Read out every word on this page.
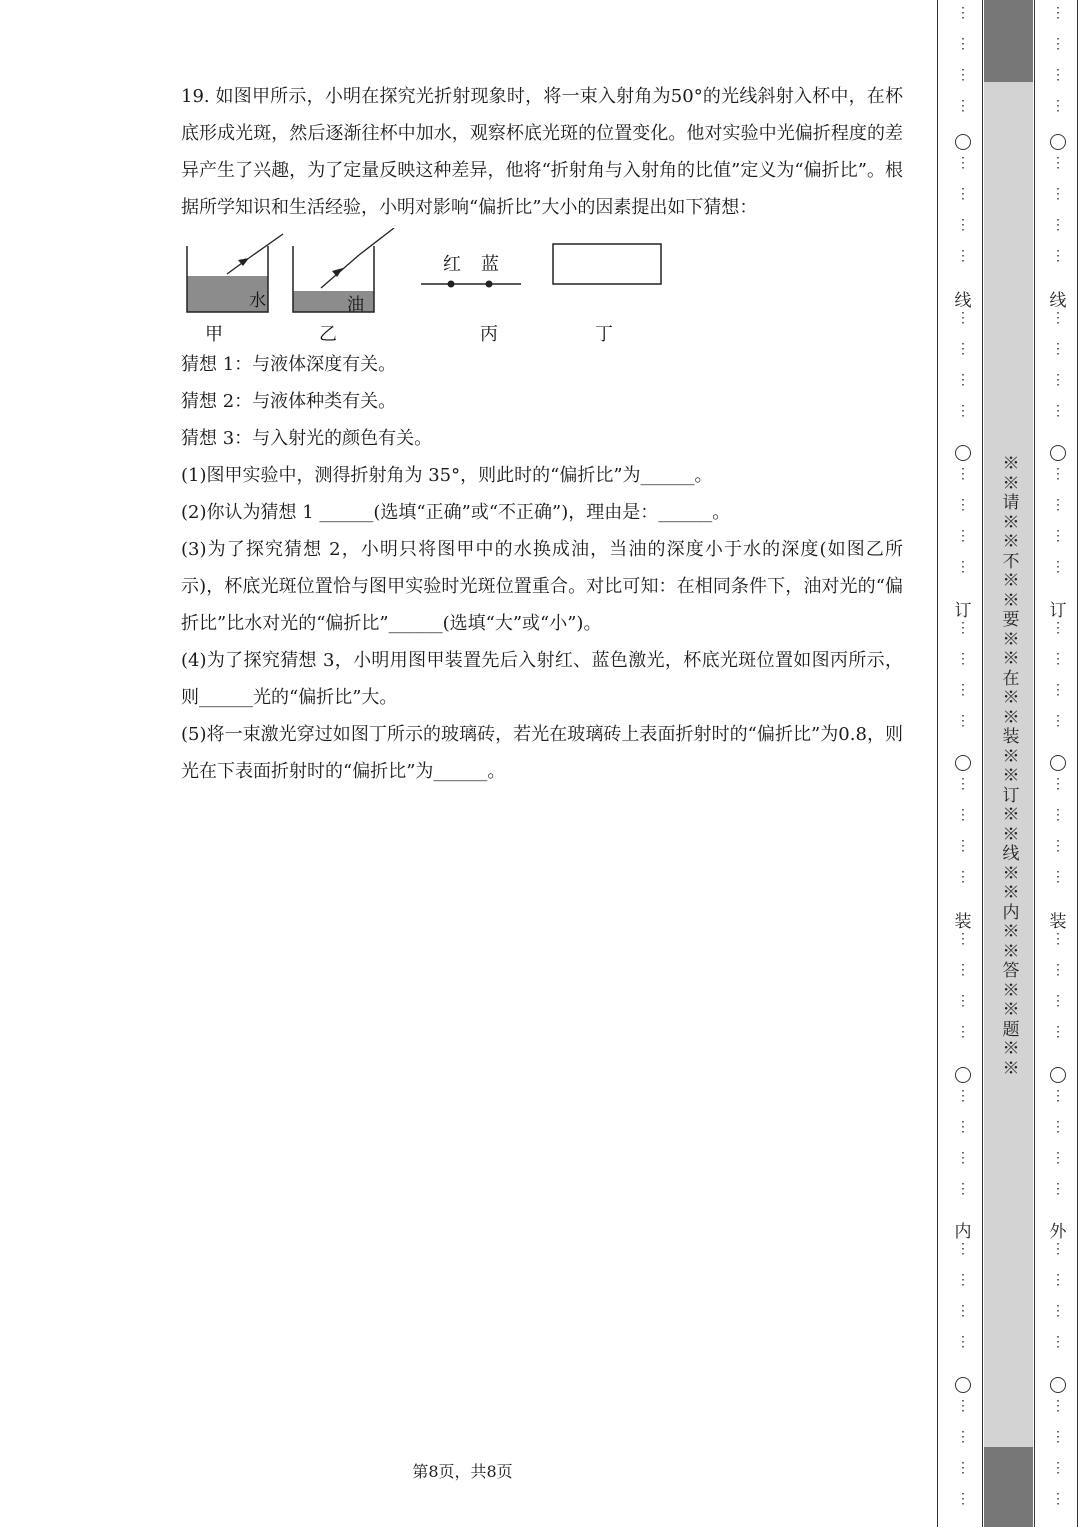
19. 如图甲所示，小明在探究光折射现象时，将一束入射角为50°的光线斜射入杯中，在杯底形成光斑，然后逐渐往杯中加水，观察杯底光斑的位置变化。他对实验中光偏折程度的差异产生了兴趣，为了定量反映这种差异，他将“折射角与入射角的比值”定义为“偏折比”。根据所学知识和生活经验，小明对影响“偏折比”大小的因素提出如下猜想：

水
甲
油
乙
红 蓝
丙	丁

猜想 1：与液体深度有关。

猜想 2：与液体种类有关。

猜想 3：与入射光的颜色有关。

(1)图甲实验中，测得折射角为 35°，则此时的“偏折比”为______。

(2)你认为猜想 1 ______(选填“正确”或“不正确”)，理由是：______。

(3)为了探究猜想 2，小明只将图甲中的水换成油，当油的深度小于水的深度(如图乙所示)，杯底光斑位置恰与图甲实验时光斑位置重合。对比可知：在相同条件下，油对光的“偏折比”比水对光的“偏折比”______(选填“大”或“小”)。

(4)为了探究猜想 3，小明用图甲装置先后入射红、蓝色激光，杯底光斑位置如图丙所示，则______光的“偏折比”大。

(5)将一束激光穿过如图丁所示的玻璃砖，若光在玻璃砖上表面折射时的“偏折比”为0.8，则光在下表面折射时的“偏折比”为______。

第8页，共8页
※※请※※不※※要※※在※※装※※订※※线※※内※※答※※题※※
⋮
⋮
⋮
⋮
⋮
⋮
⋮
⋮
线
⋮
⋮
⋮
⋮
⋮
⋮
⋮
⋮
订
⋮
⋮
⋮
⋮
⋮
⋮
⋮
⋮
装
⋮
⋮
⋮
⋮
⋮
⋮
⋮
⋮
内
⋮
⋮
⋮
⋮
⋮
⋮
⋮
⋮
⋮
⋮
⋮
⋮
⋮
⋮
⋮
⋮
线
⋮
⋮
⋮
⋮
⋮
⋮
⋮
⋮
订
⋮
⋮
⋮
⋮
⋮
⋮
⋮
⋮
装
⋮
⋮
⋮
⋮
⋮
⋮
⋮
⋮
外
⋮
⋮
⋮
⋮
⋮
⋮
⋮
⋮
